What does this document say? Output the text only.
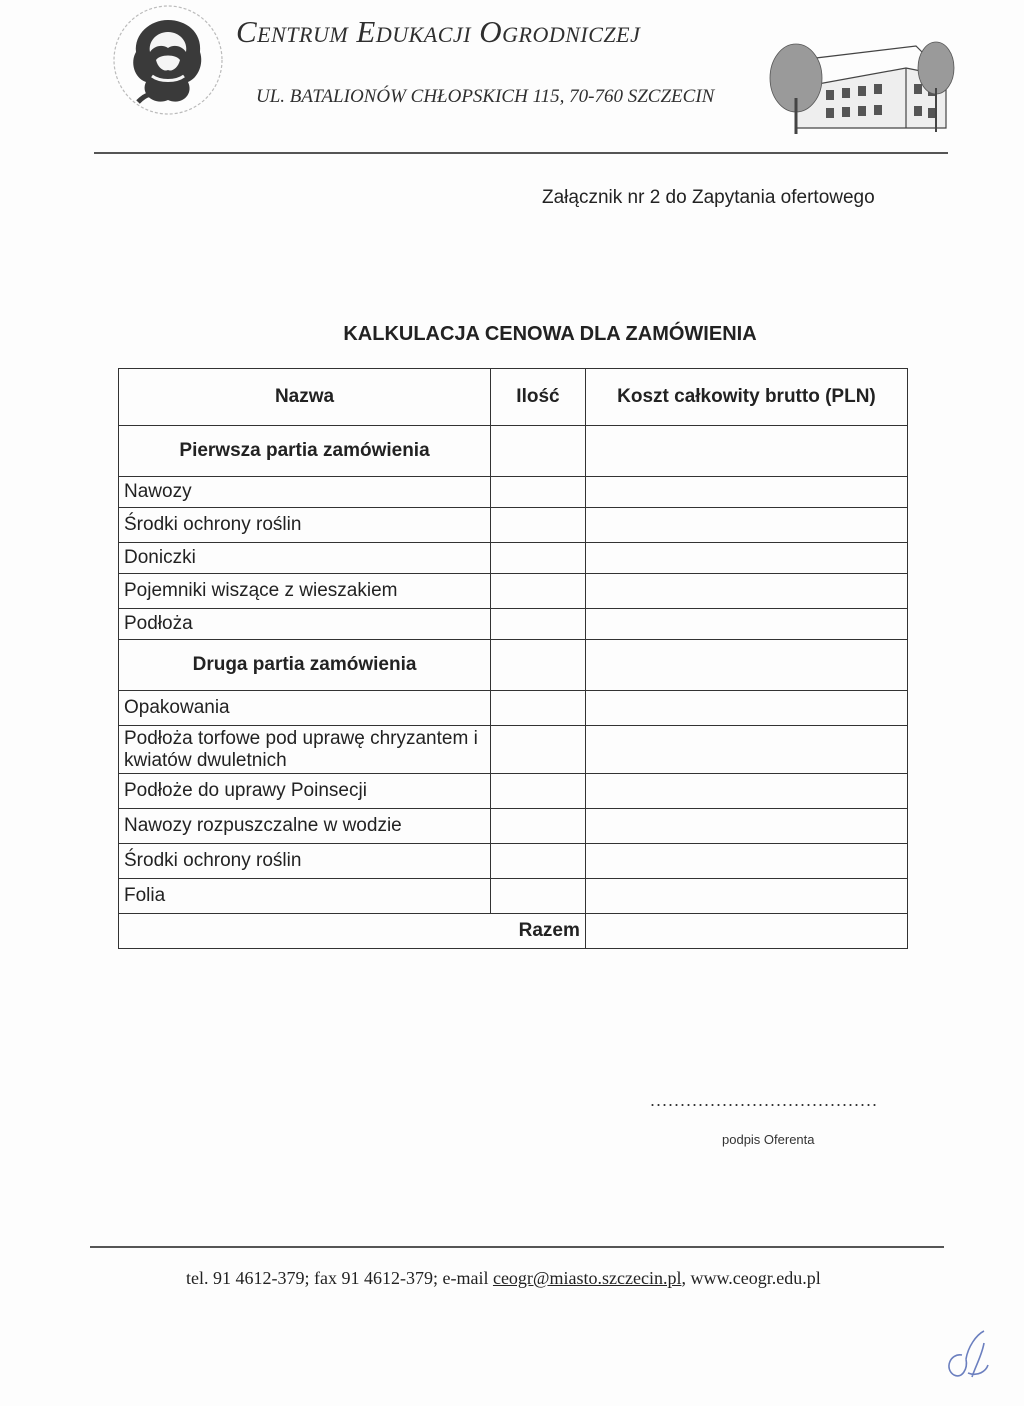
Centrum Edukacji Ogrodniczej
UL. BATALIONÓW CHŁOPSKICH 115, 70-760 SZCZECIN
Załącznik nr 2 do Zapytania ofertowego
KALKULACJA CENOWA DLA ZAMÓWIENIA
Nazwa	Ilość	Koszt całkowity brutto (PLN)
Pierwsza partia zamówienia		
Nawozy		
Środki ochrony roślin		
Doniczki		
Pojemniki wiszące z wieszakiem		
Podłoża		
Druga partia zamówienia		
Opakowania		
Podłoża torfowe pod uprawę chryzantem i kwiatów dwuletnich		
Podłoże do uprawy Poinsecji		
Nawozy rozpuszczalne w wodzie		
Środki ochrony roślin		
Folia		
Razem		
......................................
podpis Oferenta
tel. 91 4612-379; fax 91 4612-379; e-mail ceogr@miasto.szczecin.pl, www.ceogr.edu.pl
